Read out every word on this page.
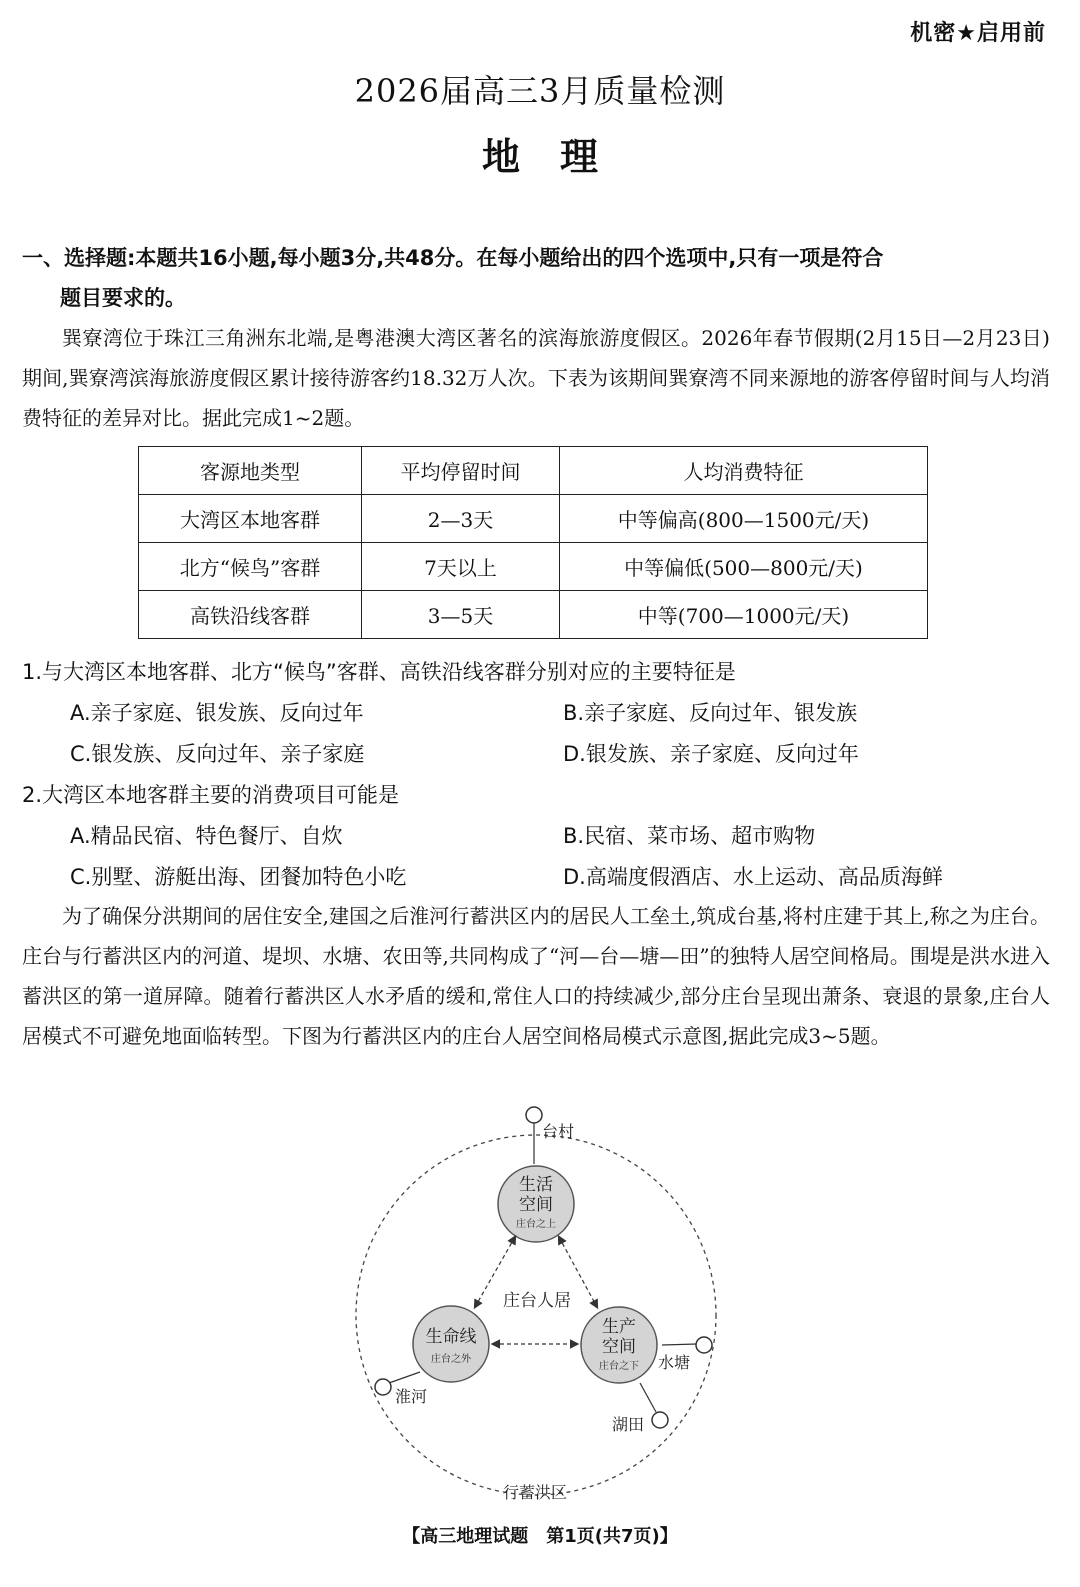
机密★启用前
2026届高三3月质量检测
地理
一、选择题:本题共16小题,每小题3分,共48分。在每小题给出的四个选项中,只有一项是符合
题目要求的。

巽寮湾位于珠江三角洲东北端,是粤港澳大湾区著名的滨海旅游度假区。2026年春节假期(2月15日—2月23日)期间,巽寮湾滨海旅游度假区累计接待游客约18.32万人次。下表为该期间巽寮湾不同来源地的游客停留时间与人均消费特征的差异对比。据此完成1~2题。

客源地类型	平均停留时间	人均消费特征
大湾区本地客群	2—3天	中等偏高(800—1500元/天)
北方“候鸟”客群	7天以上	中等偏低(500—800元/天)
高铁沿线客群	3—5天	中等(700—1000元/天)
1.与大湾区本地客群、北方“候鸟”客群、高铁沿线客群分别对应的主要特征是
A.亲子家庭、银发族、反向过年	B.亲子家庭、反向过年、银发族
C.银发族、反向过年、亲子家庭	D.银发族、亲子家庭、反向过年
2.大湾区本地客群主要的消费项目可能是
A.精品民宿、特色餐厅、自炊	B.民宿、菜市场、超市购物
C.别墅、游艇出海、团餐加特色小吃	D.高端度假酒店、水上运动、高品质海鲜

为了确保分洪期间的居住安全,建国之后淮河行蓄洪区内的居民人工垒土,筑成台基,将村庄建于其上,称之为庄台。庄台与行蓄洪区内的河道、堤坝、水塘、农田等,共同构成了“河—台—塘—田”的独特人居空间格局。围堤是洪水进入蓄洪区的第一道屏障。随着行蓄洪区人水矛盾的缓和,常住人口的持续减少,部分庄台呈现出萧条、衰退的景象,庄台人居模式不可避免地面临转型。下图为行蓄洪区内的庄台人居空间格局模式示意图,据此完成3~5题。

生活
空间
庄台之上
生命线
庄台之外
生产
空间
庄台之下
庄台人居
台村
水塘
淮河
湖田
行蓄洪区
【高三地理试题　第1页(共7页)】
